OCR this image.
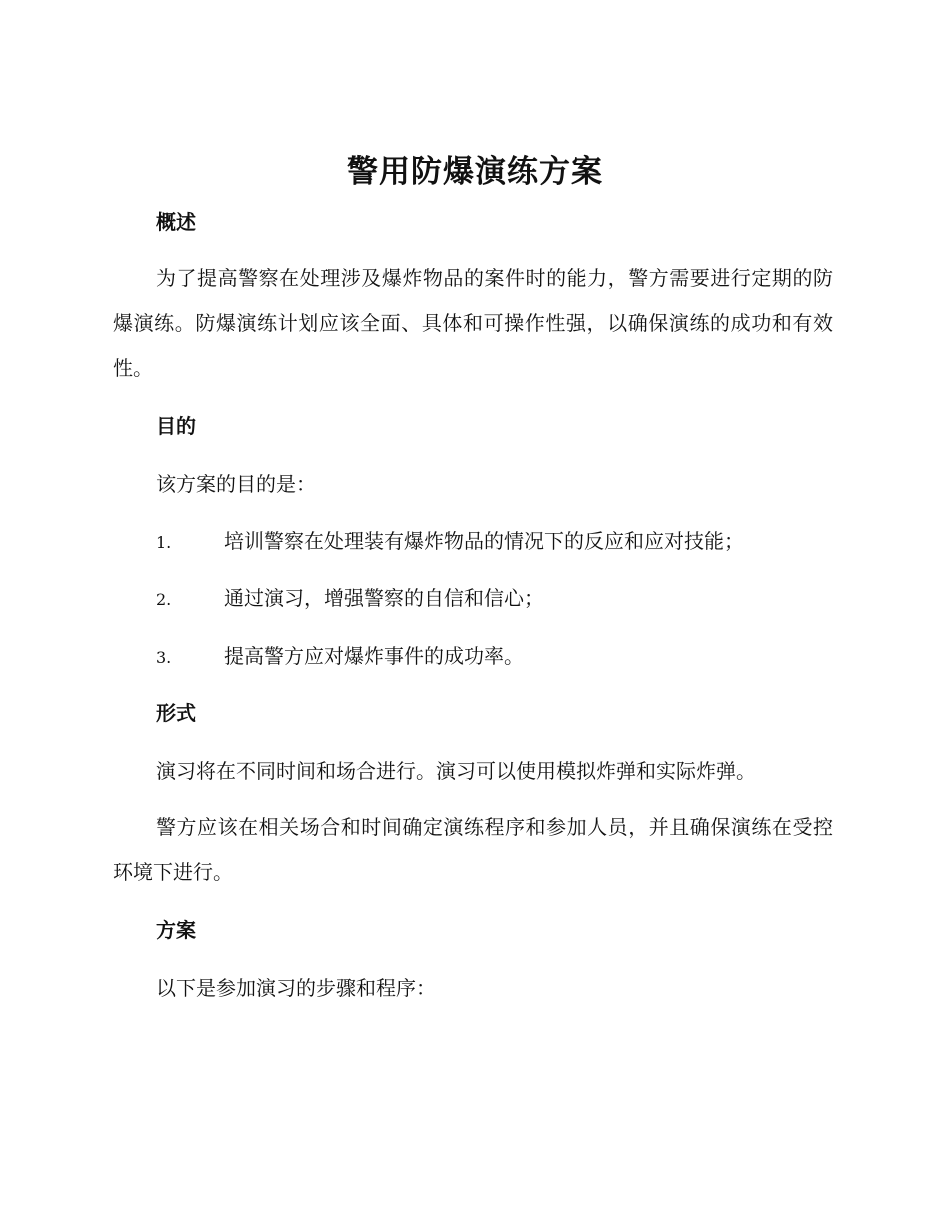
警用防爆演练方案
概述

为了提高警察在处理涉及爆炸物品的案件时的能力，警方需要进行定期的防爆演练。防爆演练计划应该全面、具体和可操作性强，以确保演练的成功和有效性。

目的
该方案的目的是：
1.	培训警察在处理装有爆炸物品的情况下的反应和应对技能；
2.	通过演习，增强警察的自信和信心；
3.	提高警方应对爆炸事件的成功率。
形式
演习将在不同时间和场合进行。演习可以使用模拟炸弹和实际炸弹。

警方应该在相关场合和时间确定演练程序和参加人员，并且确保演练在受控环境下进行。

方案
以下是参加演习的步骤和程序：
